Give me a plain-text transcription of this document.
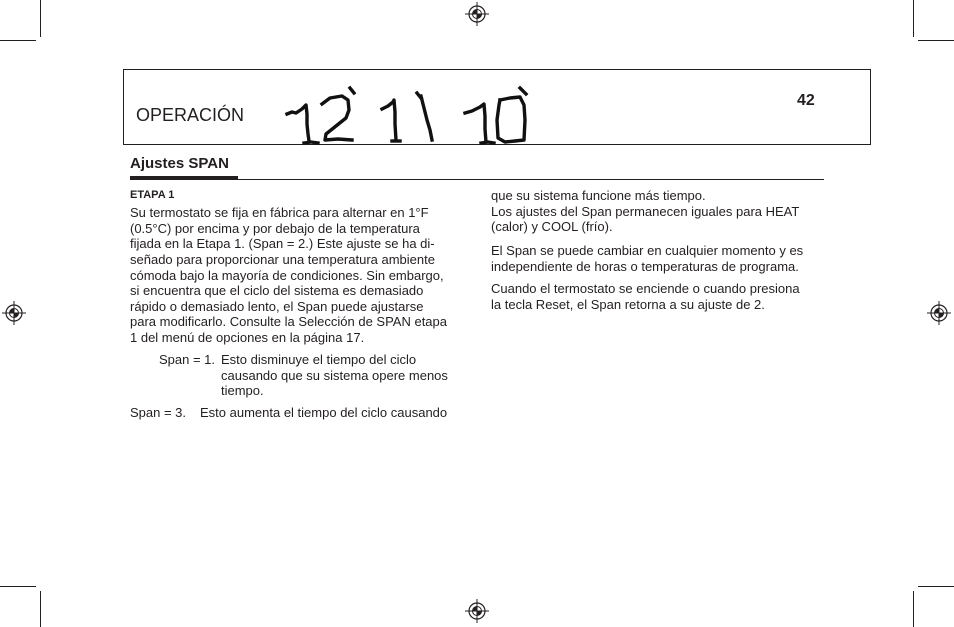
OPERACIÓN
42
Ajustes SPAN
ETAPA 1
Su termostato se fija en fábrica para alternar en 1°F
(0.5°C) por encima y por debajo de la temperatura
fijada en la Etapa 1. (Span = 2.) Este ajuste se ha di-
señado para proporcionar una temperatura ambiente
cómoda bajo la mayoría de condiciones. Sin embargo,
si encuentra que el ciclo del sistema es demasiado
rápido o demasiado lento, el Span puede ajustarse
para modificarlo. Consulte la Selección de SPAN etapa
1 del menú de opciones en la página 17.
Span = 1. Esto disminuye el tiempo del ciclo
causando que su sistema opere menos
tiempo.
Span = 3. Esto aumenta el tiempo del ciclo causando
que su sistema funcione más tiempo.
Los ajustes del Span permanecen iguales para HEAT
(calor) y COOL (frío).
El Span se puede cambiar en cualquier momento y es
independiente de horas o temperaturas de programa.
Cuando el termostato se enciende o cuando presiona
la tecla Reset, el Span retorna a su ajuste de 2.
